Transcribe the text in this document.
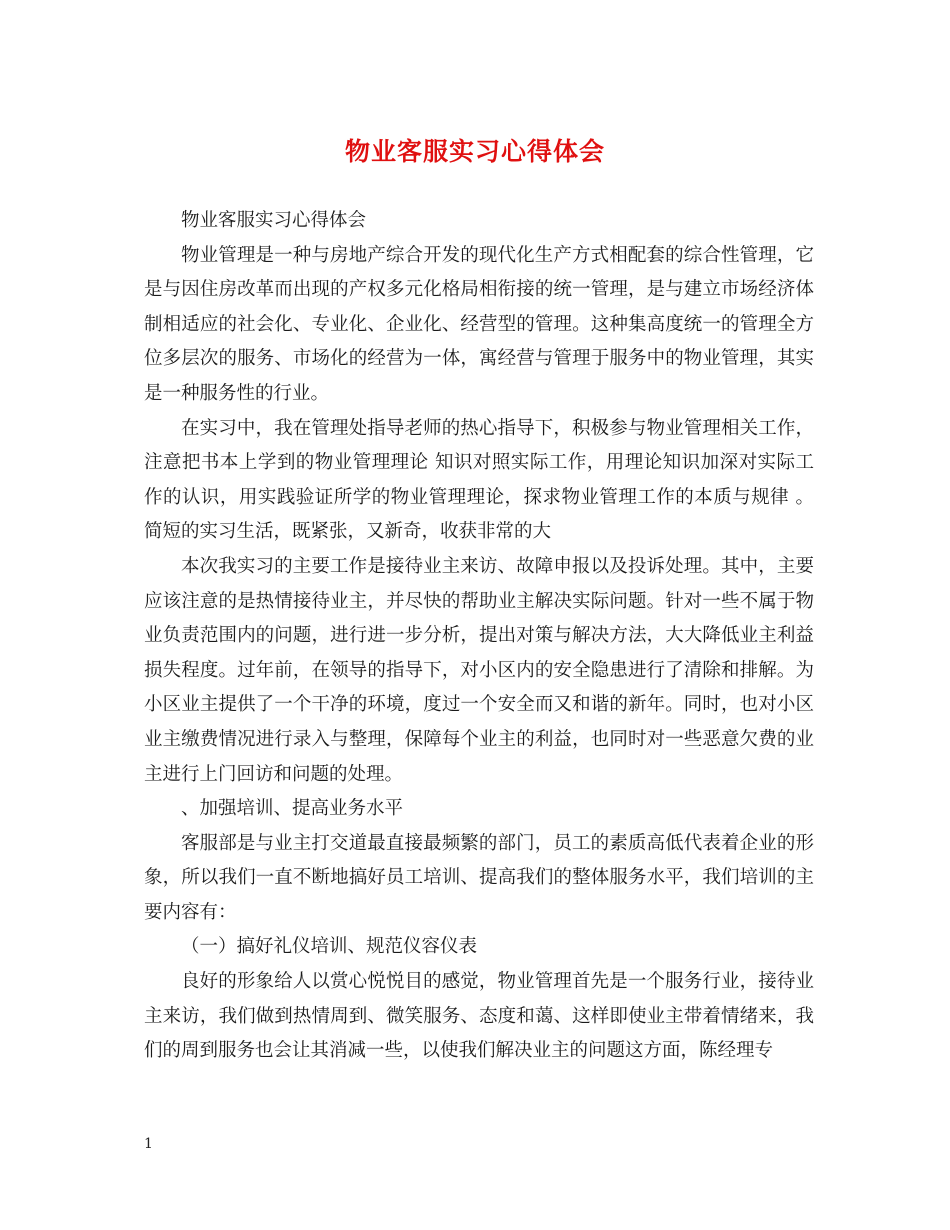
物业客服实习心得体会

物业客服实习心得体会

物业管理是一种与房地产综合开发的现代化生产方式相配套的综合性管理，它是与因住房改革而出现的产权多元化格局相衔接的统一管理，是与建立市场经济体制相适应的社会化、专业化、企业化、经营型的管理。这种集高度统一的管理全方位多层次的服务、市场化的经营为一体，寓经营与管理于服务中的物业管理，其实是一种服务性的行业。

在实习中，我在管理处指导老师的热心指导下，积极参与物业管理相关工作，注意把书本上学到的物业管理理论 知识对照实际工作，用理论知识加深对实际工作的认识，用实践验证所学的物业管理理论，探求物业管理工作的本质与规律 。简短的实习生活，既紧张，又新奇，收获非常的大

本次我实习的主要工作是接待业主来访、故障申报以及投诉处理。其中，主要应该注意的是热情接待业主，并尽快的帮助业主解决实际问题。针对一些不属于物业负责范围内的问题，进行进一步分析，提出对策与解决方法，大大降低业主利益损失程度。过年前，在领导的指导下，对小区内的安全隐患进行了清除和排解。为小区业主提供了一个干净的环境，度过一个安全而又和谐的新年。同时，也对小区业主缴费情况进行录入与整理，保障每个业主的利益，也同时对一些恶意欠费的业主进行上门回访和问题的处理。

、加强培训、提高业务水平

客服部是与业主打交道最直接最频繁的部门，员工的素质高低代表着企业的形象，所以我们一直不断地搞好员工培训、提高我们的整体服务水平，我们培训的主要内容有：

（一）搞好礼仪培训、规范仪容仪表

良好的形象给人以赏心悦悦目的感觉，物业管理首先是一个服务行业，接待业主来访，我们做到热情周到、微笑服务、态度和蔼、这样即使业主带着情绪来，我们的周到服务也会让其消减一些，以使我们解决业主的问题这方面，陈经理专

1
